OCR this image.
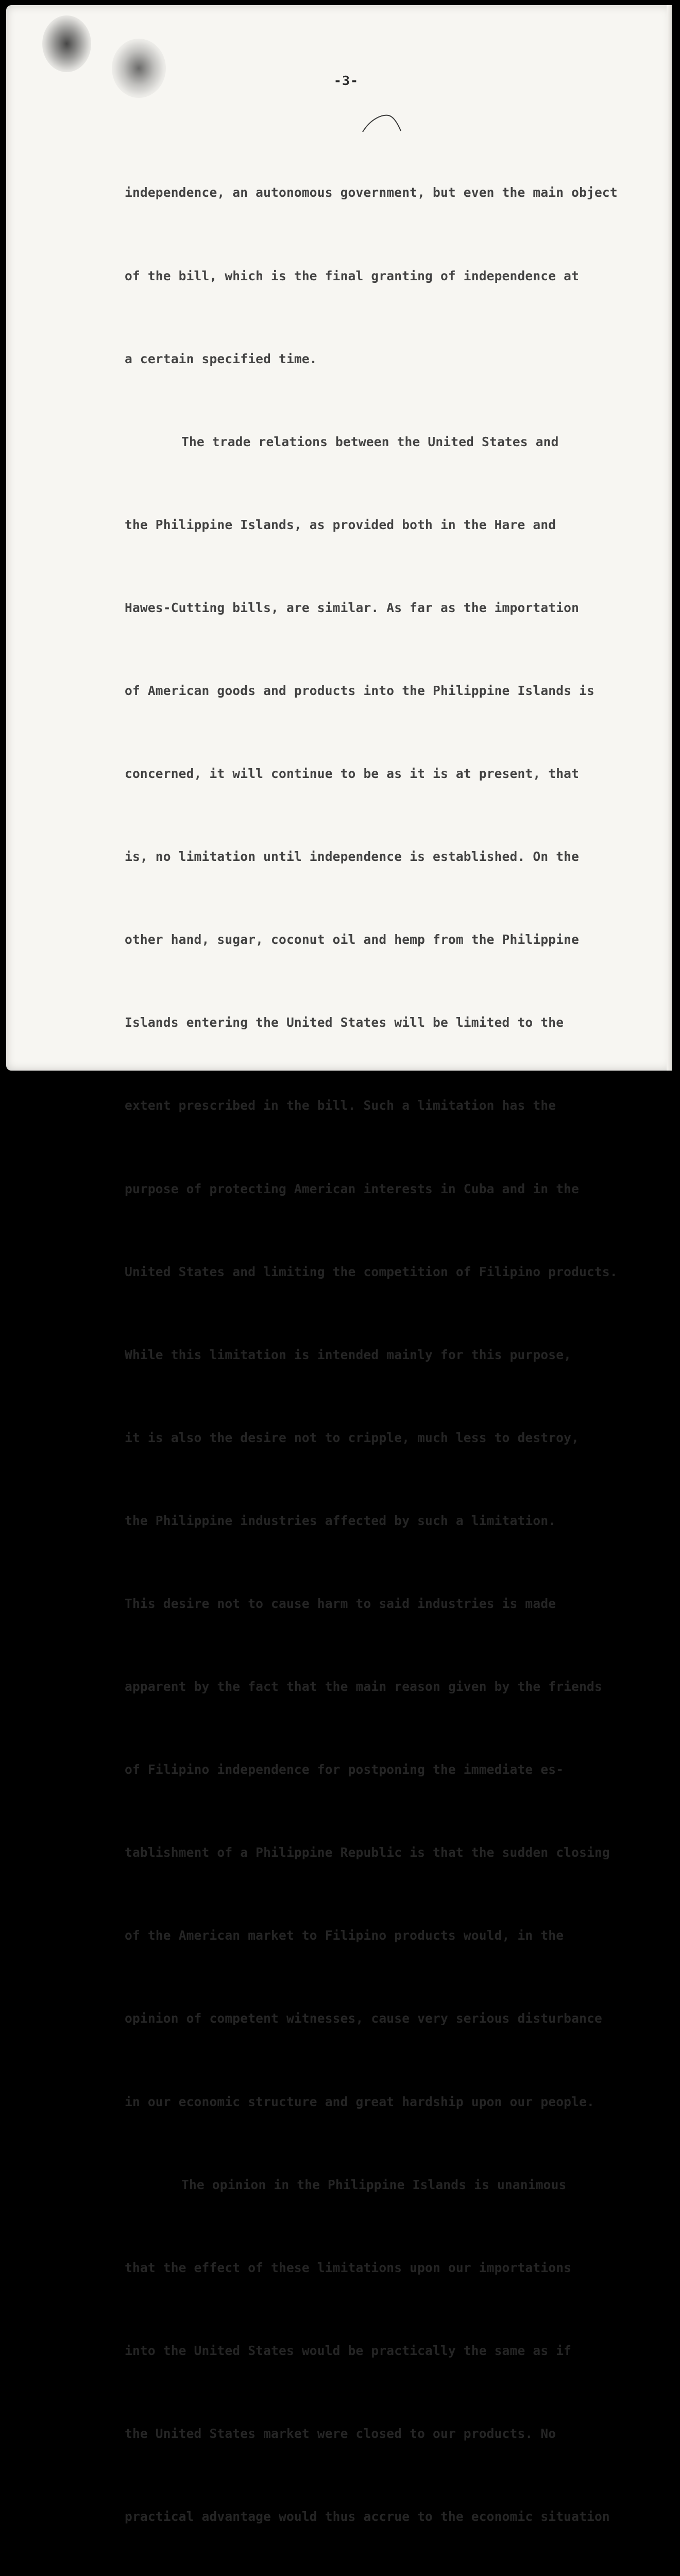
-3-

independence, an autonomous government, but even the main object

of the bill, which is the final granting of independence at

a certain specified time.

The trade relations between the United States and

the Philippine Islands, as provided both in the Hare and

Hawes-Cutting bills, are similar. As far as the importation

of American goods and products into the Philippine Islands is

concerned, it will continue to be as it is at present, that

is, no limitation until independence is established. On the

other hand, sugar, coconut oil and hemp from the Philippine

Islands entering the United States will be limited to the

extent prescribed in the bill. Such a limitation has the

purpose of protecting American interests in Cuba and in the

United States and limiting the competition of Filipino products.

While this limitation is intended mainly for this purpose,

it is also the desire not to cripple, much less to destroy,

the Philippine industries affected by such a limitation.

This desire not to cause harm to said industries is made

apparent by the fact that the main reason given by the friends

of Filipino independence for postponing the immediate es-

tablishment of a Philippine Republic is that the sudden closing

of the American market to Filipino products would, in the

opinion of competent witnesses, cause very serious disturbance

in our economic structure and great hardship upon our people.

The opinion in the Philippine Islands is unanimous

that the effect of these limitations upon our importations

into the United States would be practically the same as if

the United States market were closed to our products. No

practical advantage would thus accrue to the economic situation
